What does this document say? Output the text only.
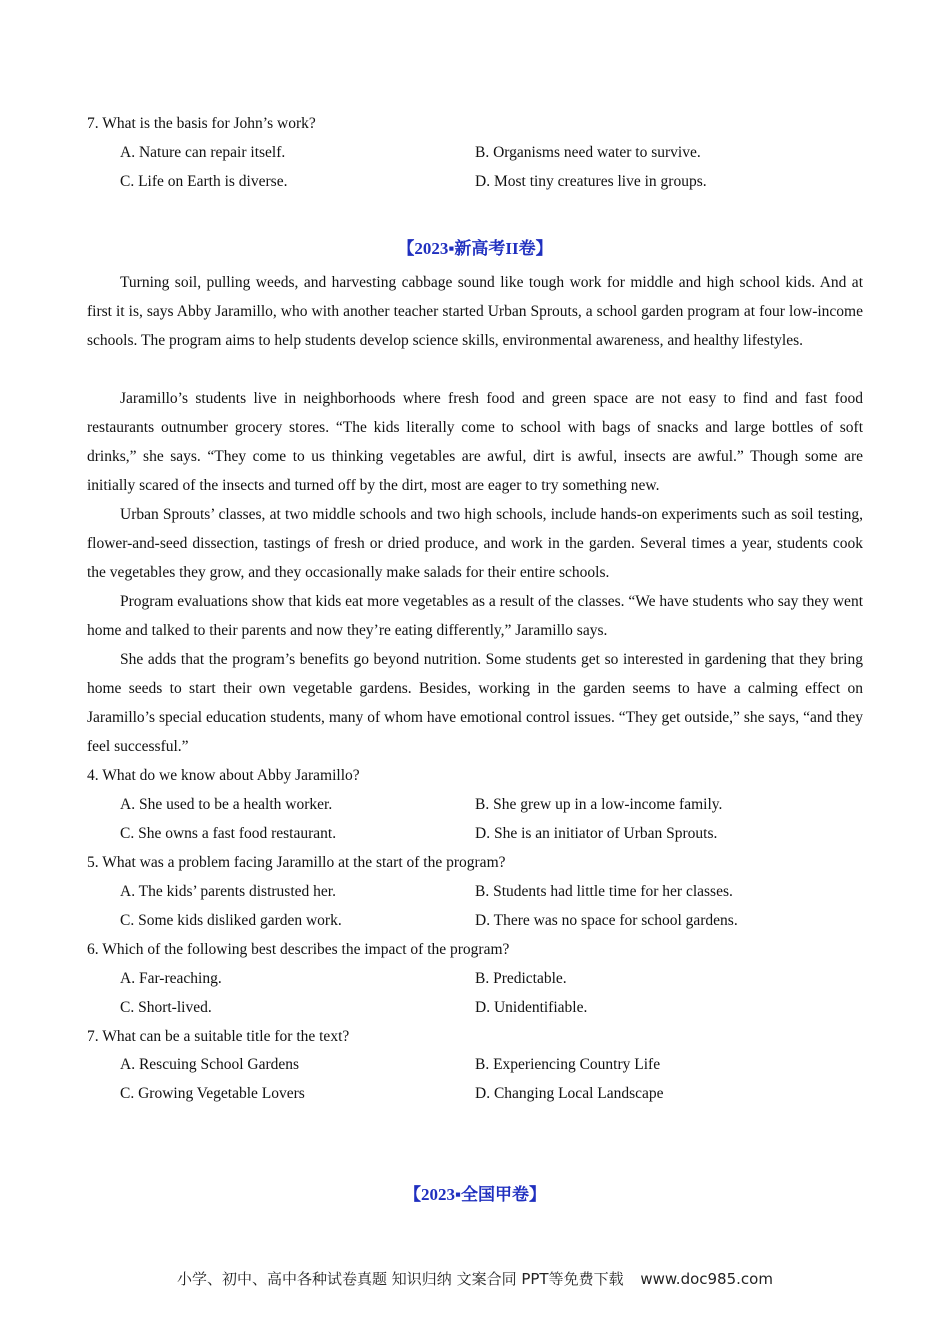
7. What is the basis for John’s work?
A. Nature can repair itself.	B. Organisms need water to survive.
C. Life on Earth is diverse.	D. Most tiny creatures live in groups.
【2023▪新高考II卷】

Turning soil, pulling weeds, and harvesting cabbage sound like tough work for middle and high school kids. And at first it is, says Abby Jaramillo, who with another teacher started Urban Sprouts, a school garden program at four low-income schools. The program aims to help students develop science skills, environmental awareness, and healthy lifestyles.

Jaramillo’s students live in neighborhoods where fresh food and green space are not easy to find and fast food restaurants outnumber grocery stores. “The kids literally come to school with bags of snacks and large bottles of soft drinks,” she says. “They come to us thinking vegetables are awful, dirt is awful, insects are awful.” Though some are initially scared of the insects and turned off by the dirt, most are eager to try something new.

Urban Sprouts’ classes, at two middle schools and two high schools, include hands-on experiments such as soil testing, flower-and-seed dissection, tastings of fresh or dried produce, and work in the garden. Several times a year, students cook the vegetables they grow, and they occasionally make salads for their entire schools.

Program evaluations show that kids eat more vegetables as a result of the classes. “We have students who say they went home and talked to their parents and now they’re eating differently,” Jaramillo says.

She adds that the program’s benefits go beyond nutrition. Some students get so interested in gardening that they bring home seeds to start their own vegetable gardens. Besides, working in the garden seems to have a calming effect on Jaramillo’s special education students, many of whom have emotional control issues. “They get outside,” she says, “and they feel successful.”

4. What do we know about Abby Jaramillo?
A. She used to be a health worker.	B. She grew up in a low-income family.
C. She owns a fast food restaurant.	D. She is an initiator of Urban Sprouts.
5. What was a problem facing Jaramillo at the start of the program?
A. The kids’ parents distrusted her.	B. Students had little time for her classes.
C. Some kids disliked garden work.	D. There was no space for school gardens.
6. Which of the following best describes the impact of the program?
A. Far-reaching.	B. Predictable.
C. Short-lived.	D. Unidentifiable.
7. What can be a suitable title for the text?
A. Rescuing School Gardens	B. Experiencing Country Life
C. Growing Vegetable Lovers	D. Changing Local Landscape
【2023▪全国甲卷】
小学、初中、高中各种试卷真题 知识归纳 文案合同 PPT等免费下载 www.doc985.com
